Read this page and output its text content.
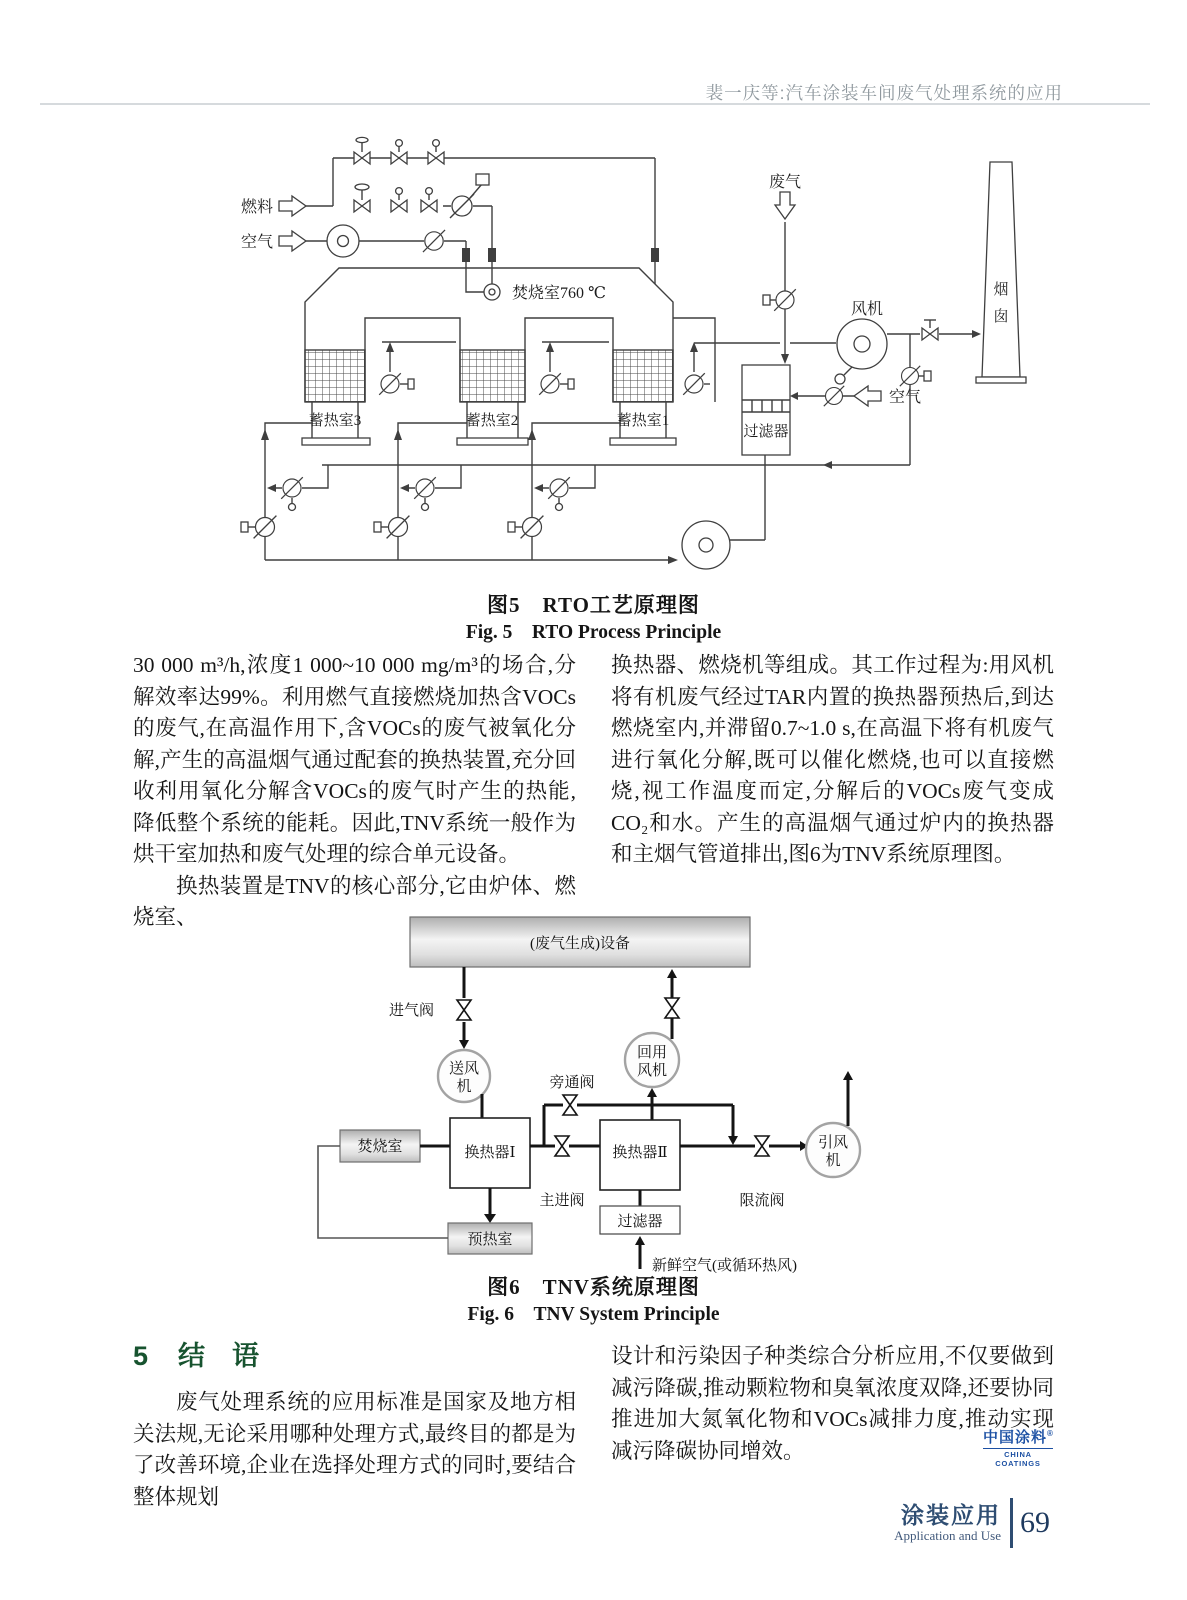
裴一庆等:汽车涂装车间废气处理系统的应用
燃料
空气
焚烧室760 ℃
蓄热室3	蓄热室2	蓄热室1
废气
过滤器
空气
风机
烟
囱
图5　RTO工艺原理图
Fig. 5　RTO Process Principle

30 000 m³/h,浓度1 000~10 000 mg/m³的场合,分解效率达99%。利用燃气直接燃烧加热含VOCs的废气,在高温作用下,含VOCs的废气被氧化分解,产生的高温烟气通过配套的换热装置,充分回收利用氧化分解含VOCs的废气时产生的热能,降低整个系统的能耗。因此,TNV系统一般作为烘干室加热和废气处理的综合单元设备。

换热装置是TNV的核心部分,它由炉体、燃烧室、

换热器、燃烧机等组成。其工作过程为:用风机将有机废气经过TAR内置的换热器预热后,到达燃烧室内,并滞留0.7~1.0 s,在高温下将有机废气进行氧化分解,既可以催化燃烧,也可以直接燃烧,视工作温度而定,分解后的VOCs废气变成CO₂和水。产生的高温烟气通过炉内的换热器和主烟气管道排出,图6为TNV系统原理图。

(废气生成)设备
进气阀
送风
机
回用
风机
焚烧室	换热器Ⅰ
预热室
主进阀
旁通阀
换热器Ⅱ
限流阀
引风
机
过滤器
新鲜空气(或循环热风)
图6　TNV系统原理图
Fig. 6　TNV System Principle
5 结　语

废气处理系统的应用标准是国家及地方相关法规,无论采用哪种处理方式,最终目的都是为了改善环境,企业在选择处理方式的同时,要结合整体规划

设计和污染因子种类综合分析应用,不仅要做到减污降碳,推动颗粒物和臭氧浓度双降,还要协同推进加大氮氧化物和VOCs减排力度,推动实现减污降碳协同增效。

中国涂料®
CHINA COATINGS
涂装应用
Application and Use 69
